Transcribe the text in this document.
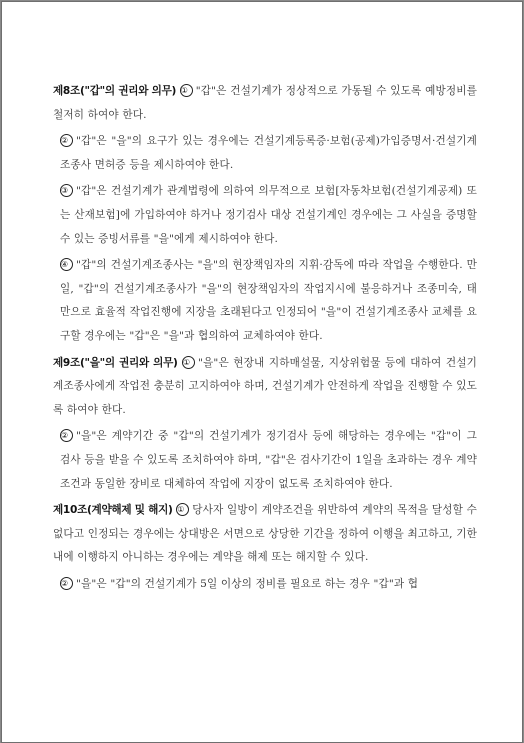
제8조("갑"의 권리와 의무) ① "갑"은 건설기계가 정상적으로 가동될 수 있도록 예방정비를 철저히 하여야 한다.

② "갑"은 "을"의 요구가 있는 경우에는 건설기계등록증·보험(공제)가입증명서·건설기계조종사 면허증 등을 제시하여야 한다.

③ "갑"은 건설기계가 관계법령에 의하여 의무적으로 보험[자동차보험(건설기계공제) 또는 산재보험]에 가입하여야 하거나 정기검사 대상 건설기계인 경우에는 그 사실을 증명할 수 있는 증빙서류를 "을"에게 제시하여야 한다.

④ "갑"의 건설기계조종사는 "을"의 현장책임자의 지휘·감독에 따라 작업을 수행한다. 만일, "갑"의 건설기계조종사가 "을"의 현장책임자의 작업지시에 불응하거나 조종미숙, 태만으로 효율적 작업진행에 지장을 초래된다고 인정되어 "을"이 건설기계조종사 교체를 요구할 경우에는 "갑"은 "을"과 협의하여 교체하여야 한다.

제9조("을"의 권리와 의무) ① "을"은 현장내 지하매설물, 지상위험물 등에 대하여 건설기계조종사에게 작업전 충분히 고지하여야 하며, 건설기계가 안전하게 작업을 진행할 수 있도록 하여야 한다.

② "을"은 계약기간 중 "갑"의 건설기계가 정기검사 등에 해당하는 경우에는 "갑"이 그 검사 등을 받을 수 있도록 조치하여야 하며, "갑"은 검사기간이 1일을 초과하는 경우 계약조건과 동일한 장비로 대체하여 작업에 지장이 없도록 조치하여야 한다.

제10조(계약해제 및 해지) ① 당사자 일방이 계약조건을 위반하여 계약의 목적을 달성할 수 없다고 인정되는 경우에는 상대방은 서면으로 상당한 기간을 정하여 이행을 최고하고, 기한 내에 이행하지 아니하는 경우에는 계약을 해제 또는 해지할 수 있다.

② "을"은 "갑"의 건설기계가 5일 이상의 정비를 필요로 하는 경우 "갑"과 협
